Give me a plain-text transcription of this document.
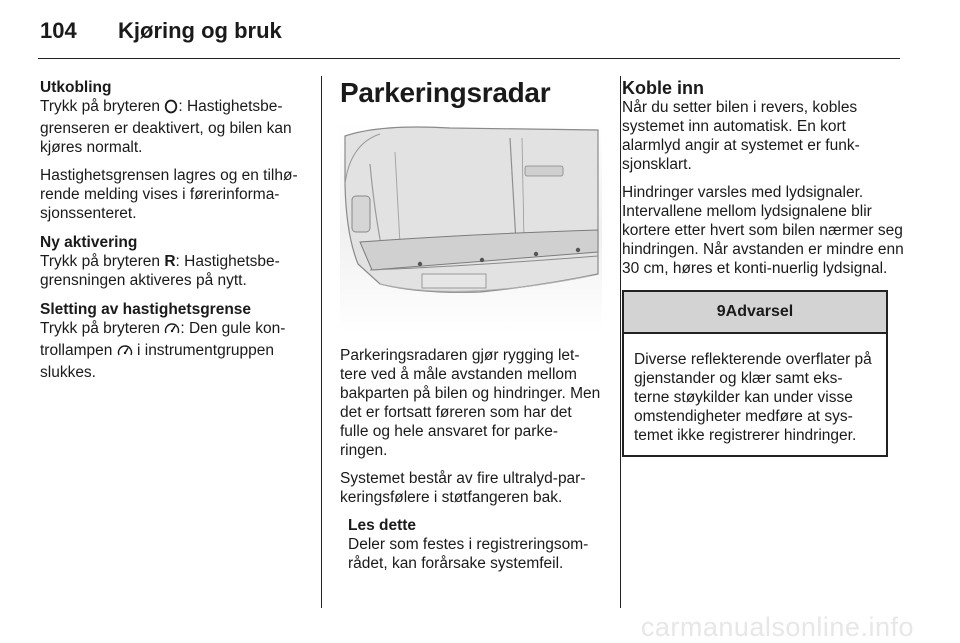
104 Kjøring og bruk
Utkobling

Trykk på bryteren : Hastighetsbe-grenseren er deaktivert, og bilen kan kjøres normalt.

Hastighetsgrensen lagres og en tilhø-rende melding vises i førerinforma-sjonssenteret.

Ny aktivering

Trykk på bryteren R: Hastighetsbe-grensningen aktiveres på nytt.

Sletting av hastighetsgrense

Trykk på bryteren : Den gule kon-trollampen  i instrumentgruppen slukkes.

Parkeringsradar

Parkeringsradaren gjør rygging let-tere ved å måle avstanden mellom bakparten på bilen og hindringer. Men det er fortsatt føreren som har det fulle og hele ansvaret for parke-ringen.

Systemet består av fire ultralyd-par-keringsfølere i støtfangeren bak.

Les dette

Deler som festes i registreringsom-rådet, kan forårsake systemfeil.

Koble inn

Når du setter bilen i revers, kobles systemet inn automatisk. En kort alarmlyd angir at systemet er funk-sjonsklart.

Hindringer varsles med lydsignaler. Intervallene mellom lydsignalene blir kortere etter hvert som bilen nærmer seg hindringen. Når avstanden er mindre enn 30 cm, høres et konti-nuerlig lydsignal.

9Advarsel

Diverse reflekterende overflater på gjenstander og klær samt eks-terne støykilder kan under visse omstendigheter medføre at sys-temet ikke registrerer hindringer.

carmanualsonline.info
